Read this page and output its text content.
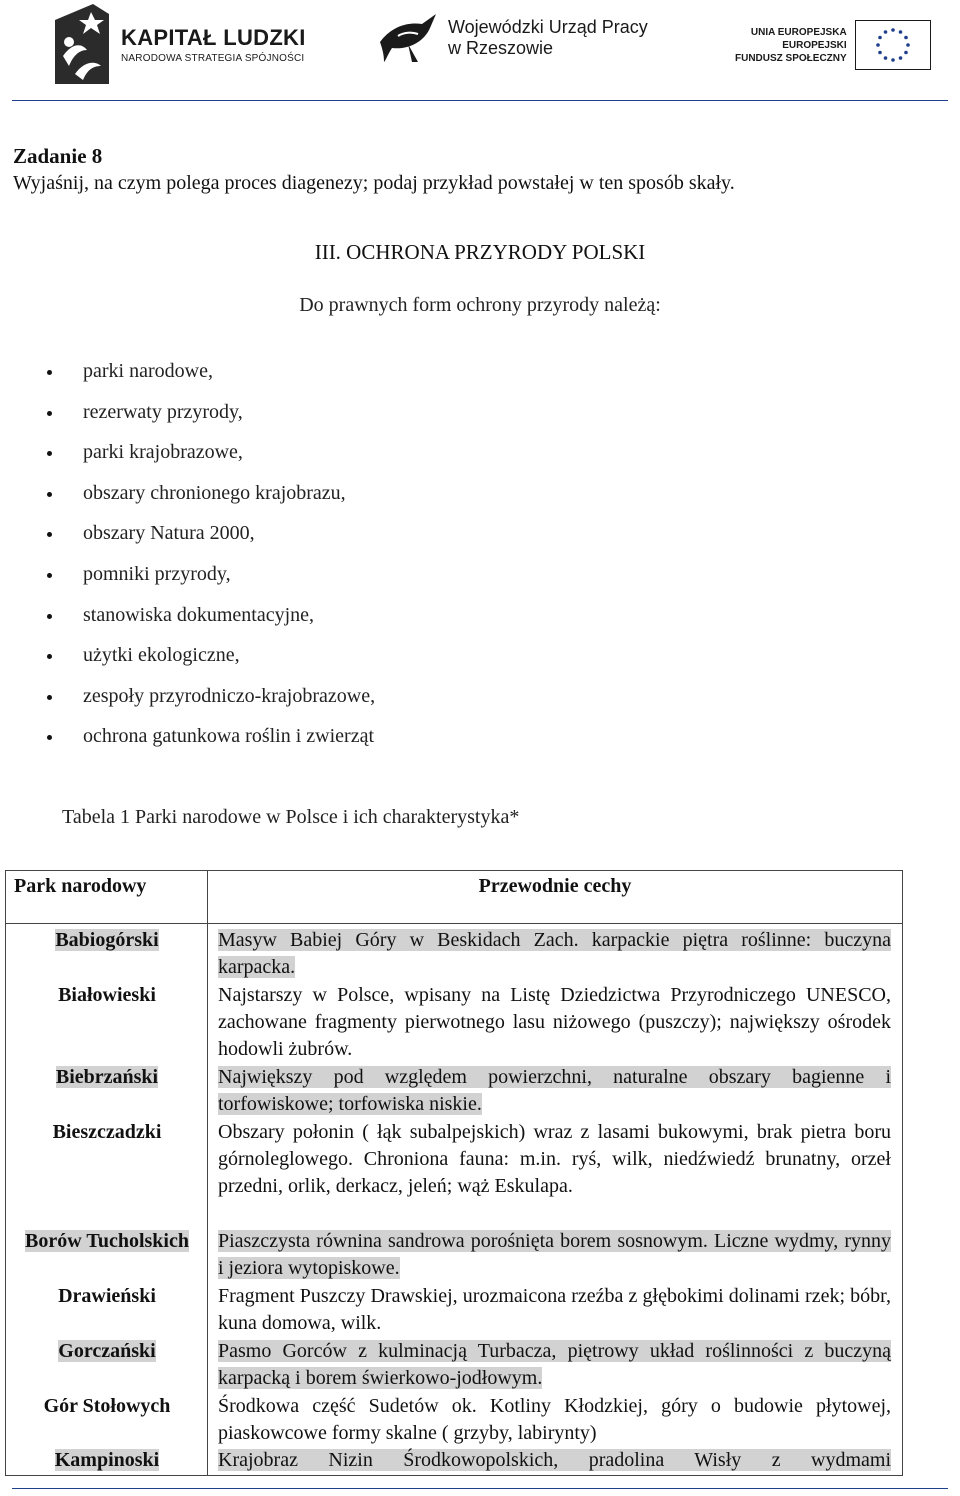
KAPITAŁ LUDZKI
NARODOWA STRATEGIA SPÓJNOŚCI
Wojewódzki Urząd Pracy
w Rzeszowie
UNIA EUROPEJSKA
EUROPEJSKI
FUNDUSZ SPOŁECZNY
Zadanie 8
Wyjaśnij, na czym polega proces diagenezy; podaj przykład powstałej w ten sposób skały.
III. OCHRONA PRZYRODY POLSKI
Do prawnych form ochrony przyrody należą:
parki narodowe,
rezerwaty przyrody,
parki krajobrazowe,
obszary chronionego krajobrazu,
obszary Natura 2000,
pomniki przyrody,
stanowiska dokumentacyjne,
użytki ekologiczne,
zespoły przyrodniczo-krajobrazowe,
ochrona gatunkowa roślin i zwierząt
Tabela 1 Parki narodowe w Polsce i ich charakterystyka*
Park narodowy	Przewodnie cechy
Babiogórski	Masyw Babiej Góry w Beskidach Zach. karpackie piętra roślinne: buczyna karpacka.
Białowieski	Najstarszy w Polsce, wpisany na Listę Dziedzictwa Przyrodniczego UNESCO, zachowane fragmenty pierwotnego lasu niżowego (puszczy); największy ośrodek hodowli żubrów.
Biebrzański	Największy pod względem powierzchni, naturalne obszary bagienne i torfowiskowe; torfowiska niskie.
Bieszczadzki	Obszary połonin ( łąk subalpejskich) wraz z lasami bukowymi, brak pietra boru górnoleglowego. Chroniona fauna: m.in. ryś, wilk, niedźwiedź brunatny, orzeł przedni, orlik, derkacz, jeleń; wąż Eskulapa.
Borów Tucholskich	Piaszczysta równina sandrowa porośnięta borem sosnowym. Liczne wydmy, rynny i jeziora wytopiskowe.
Drawieński	Fragment Puszczy Drawskiej, urozmaicona rzeźba z głębokimi dolinami rzek; bóbr, kuna domowa, wilk.
Gorczański	Pasmo Gorców z kulminacją Turbacza, piętrowy układ roślinności z buczyną karpacką i borem świerkowo-jodłowym.
Gór Stołowych	Środkowa część Sudetów ok. Kotliny Kłodzkiej, góry o budowie płytowej, piaskowcowe formy skalne ( grzyby, labirynty)
Kampinoski	Krajobraz Nizin Środkowopolskich, pradolina Wisły z wydmami
